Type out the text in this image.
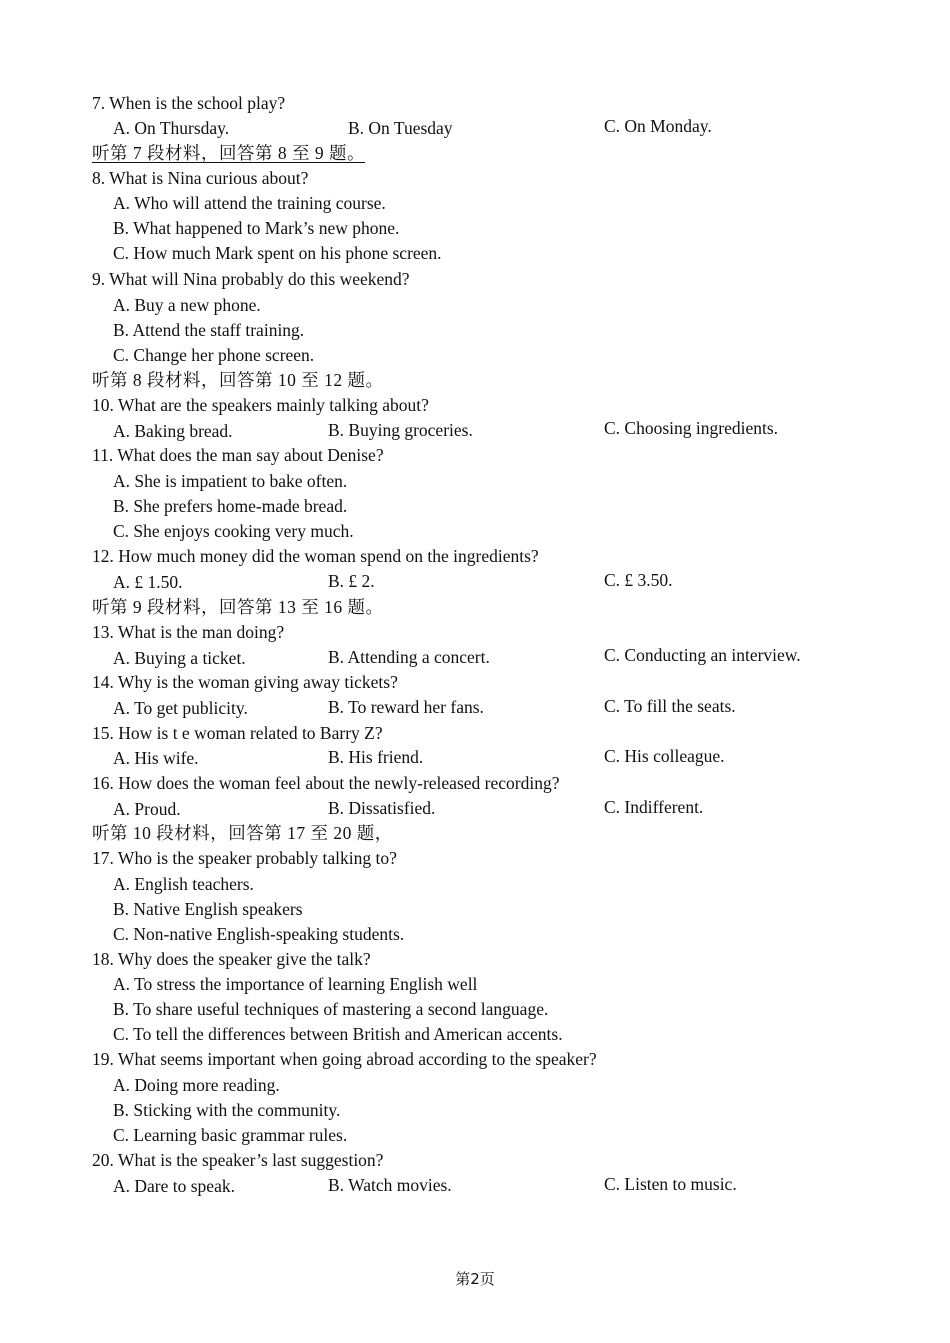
7. When is the school play?
A. On Thursday.	B. On Tuesday	C. On Monday.
听第 7 段材料，回答第 8 至 9 题。
8. What is Nina curious about?
A. Who will attend the training course.
B. What happened to Mark’s new phone.
C. How much Mark spent on his phone screen.
9. What will Nina probably do this weekend?
A. Buy a new phone.
B. Attend the staff training.
C. Change her phone screen.
听第 8 段材料，回答第 10 至 12 题。
10. What are the speakers mainly talking about?
A. Baking bread.	B. Buying groceries.	C. Choosing ingredients.
11. What does the man say about Denise?
A. She is impatient to bake often.
B. She prefers home-made bread.
C. She enjoys cooking very much.
12. How much money did the woman spend on the ingredients?
A. £ 1.50.	B. £ 2.	C. £ 3.50.
听第 9 段材料，回答第 13 至 16 题。
13. What is the man doing?
A. Buying a ticket.	B. Attending a concert.	C. Conducting an interview.
14. Why is the woman giving away tickets?
A. To get publicity.	B. To reward her fans.	C. To fill the seats.
15. How is t e woman related to Barry Z?
A. His wife.	B. His friend.	C. His colleague.
16. How does the woman feel about the newly-released recording?
A. Proud.	B. Dissatisfied.	C. Indifferent.
听第 10 段材料，回答第 17 至 20 题，
17. Who is the speaker probably talking to?
A. English teachers.
B. Native English speakers
C. Non-native English-speaking students.
18. Why does the speaker give the talk?
A. To stress the importance of learning English well
B. To share useful techniques of mastering a second language.
C. To tell the differences between British and American accents.
19. What seems important when going abroad according to the speaker?
A. Doing more reading.
B. Sticking with the community.
C. Learning basic grammar rules.
20. What is the speaker’s last suggestion?
A. Dare to speak.	B. Watch movies.	C. Listen to music.
第2页
